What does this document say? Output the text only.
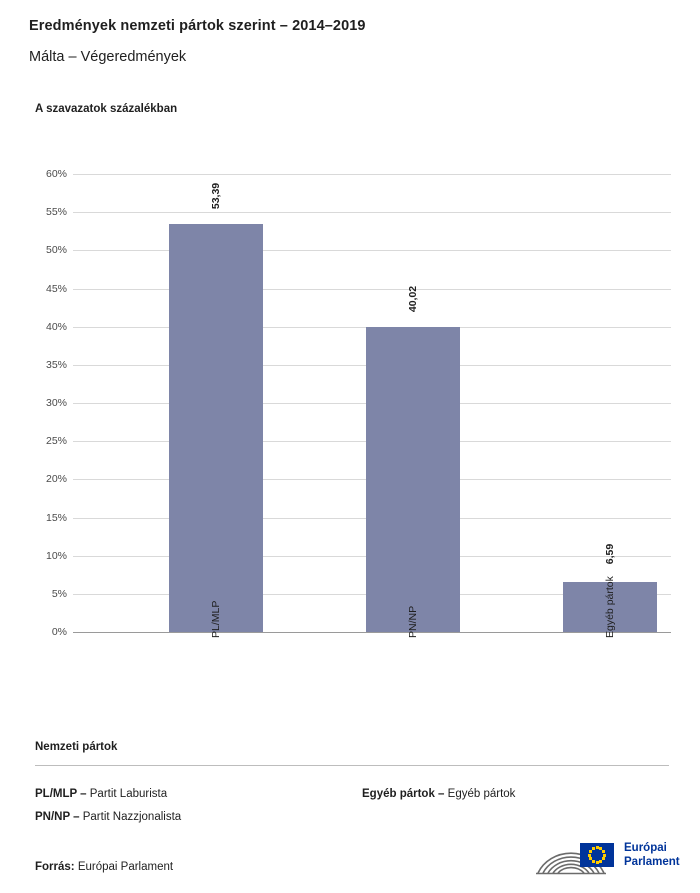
Eredmények nemzeti pártok szerint – 2014–2019
Málta – Végeredmények
A szavazatok százalékban
0%
5%
10%
15%
20%
25%
30%
35%
40%
45%
50%
55%
60%
53,39
PL/MLP
40,02
PN/NP
6,59
Egyéb pártok
Nemzeti pártok
PL/MLP – Partit Laburista
PN/NP – Partit Nazzjonalista
Egyéb pártok – Egyéb pártok
Forrás: Európai Parlament
Európai
Parlament
